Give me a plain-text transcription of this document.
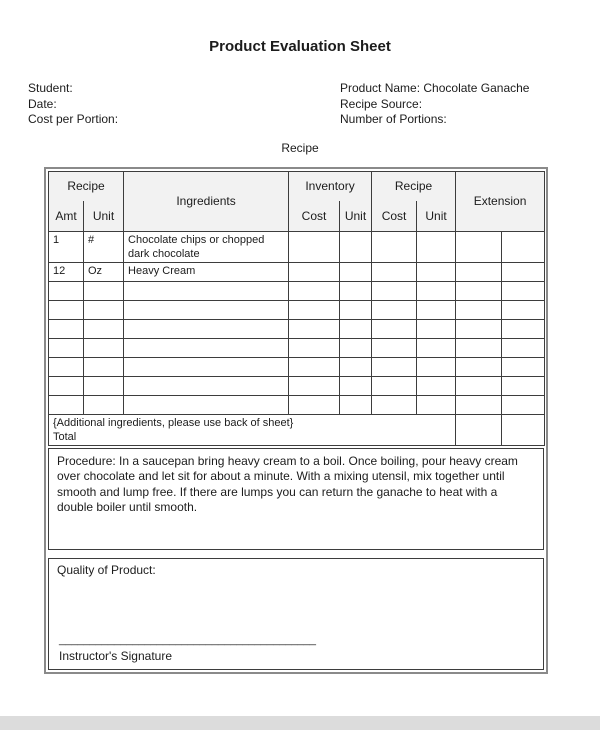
Product Evaluation Sheet
Student:
Date:
Cost per Portion:
Product Name: Chocolate Ganache
Recipe Source:
Number of Portions:
Recipe
Recipe		Ingredients	Inventory		Recipe		Extension	
Amt	Unit		Cost	Unit	Cost	Unit		
1	#	Chocolate chips or chopped dark chocolate						
12	Oz	Heavy Cream						

{Additional ingredients, please use back of sheet}
Total								

Procedure: In a saucepan bring heavy cream to a boil. Once boiling, pour heavy cream over chocolate and let sit for about a minute. With a mixing utensil, mix together until smooth and lump free. If there are lumps you can return the ganache to heat with a double boiler until smooth.
Quality of Product:
__________________________________________
Instructor's Signature
